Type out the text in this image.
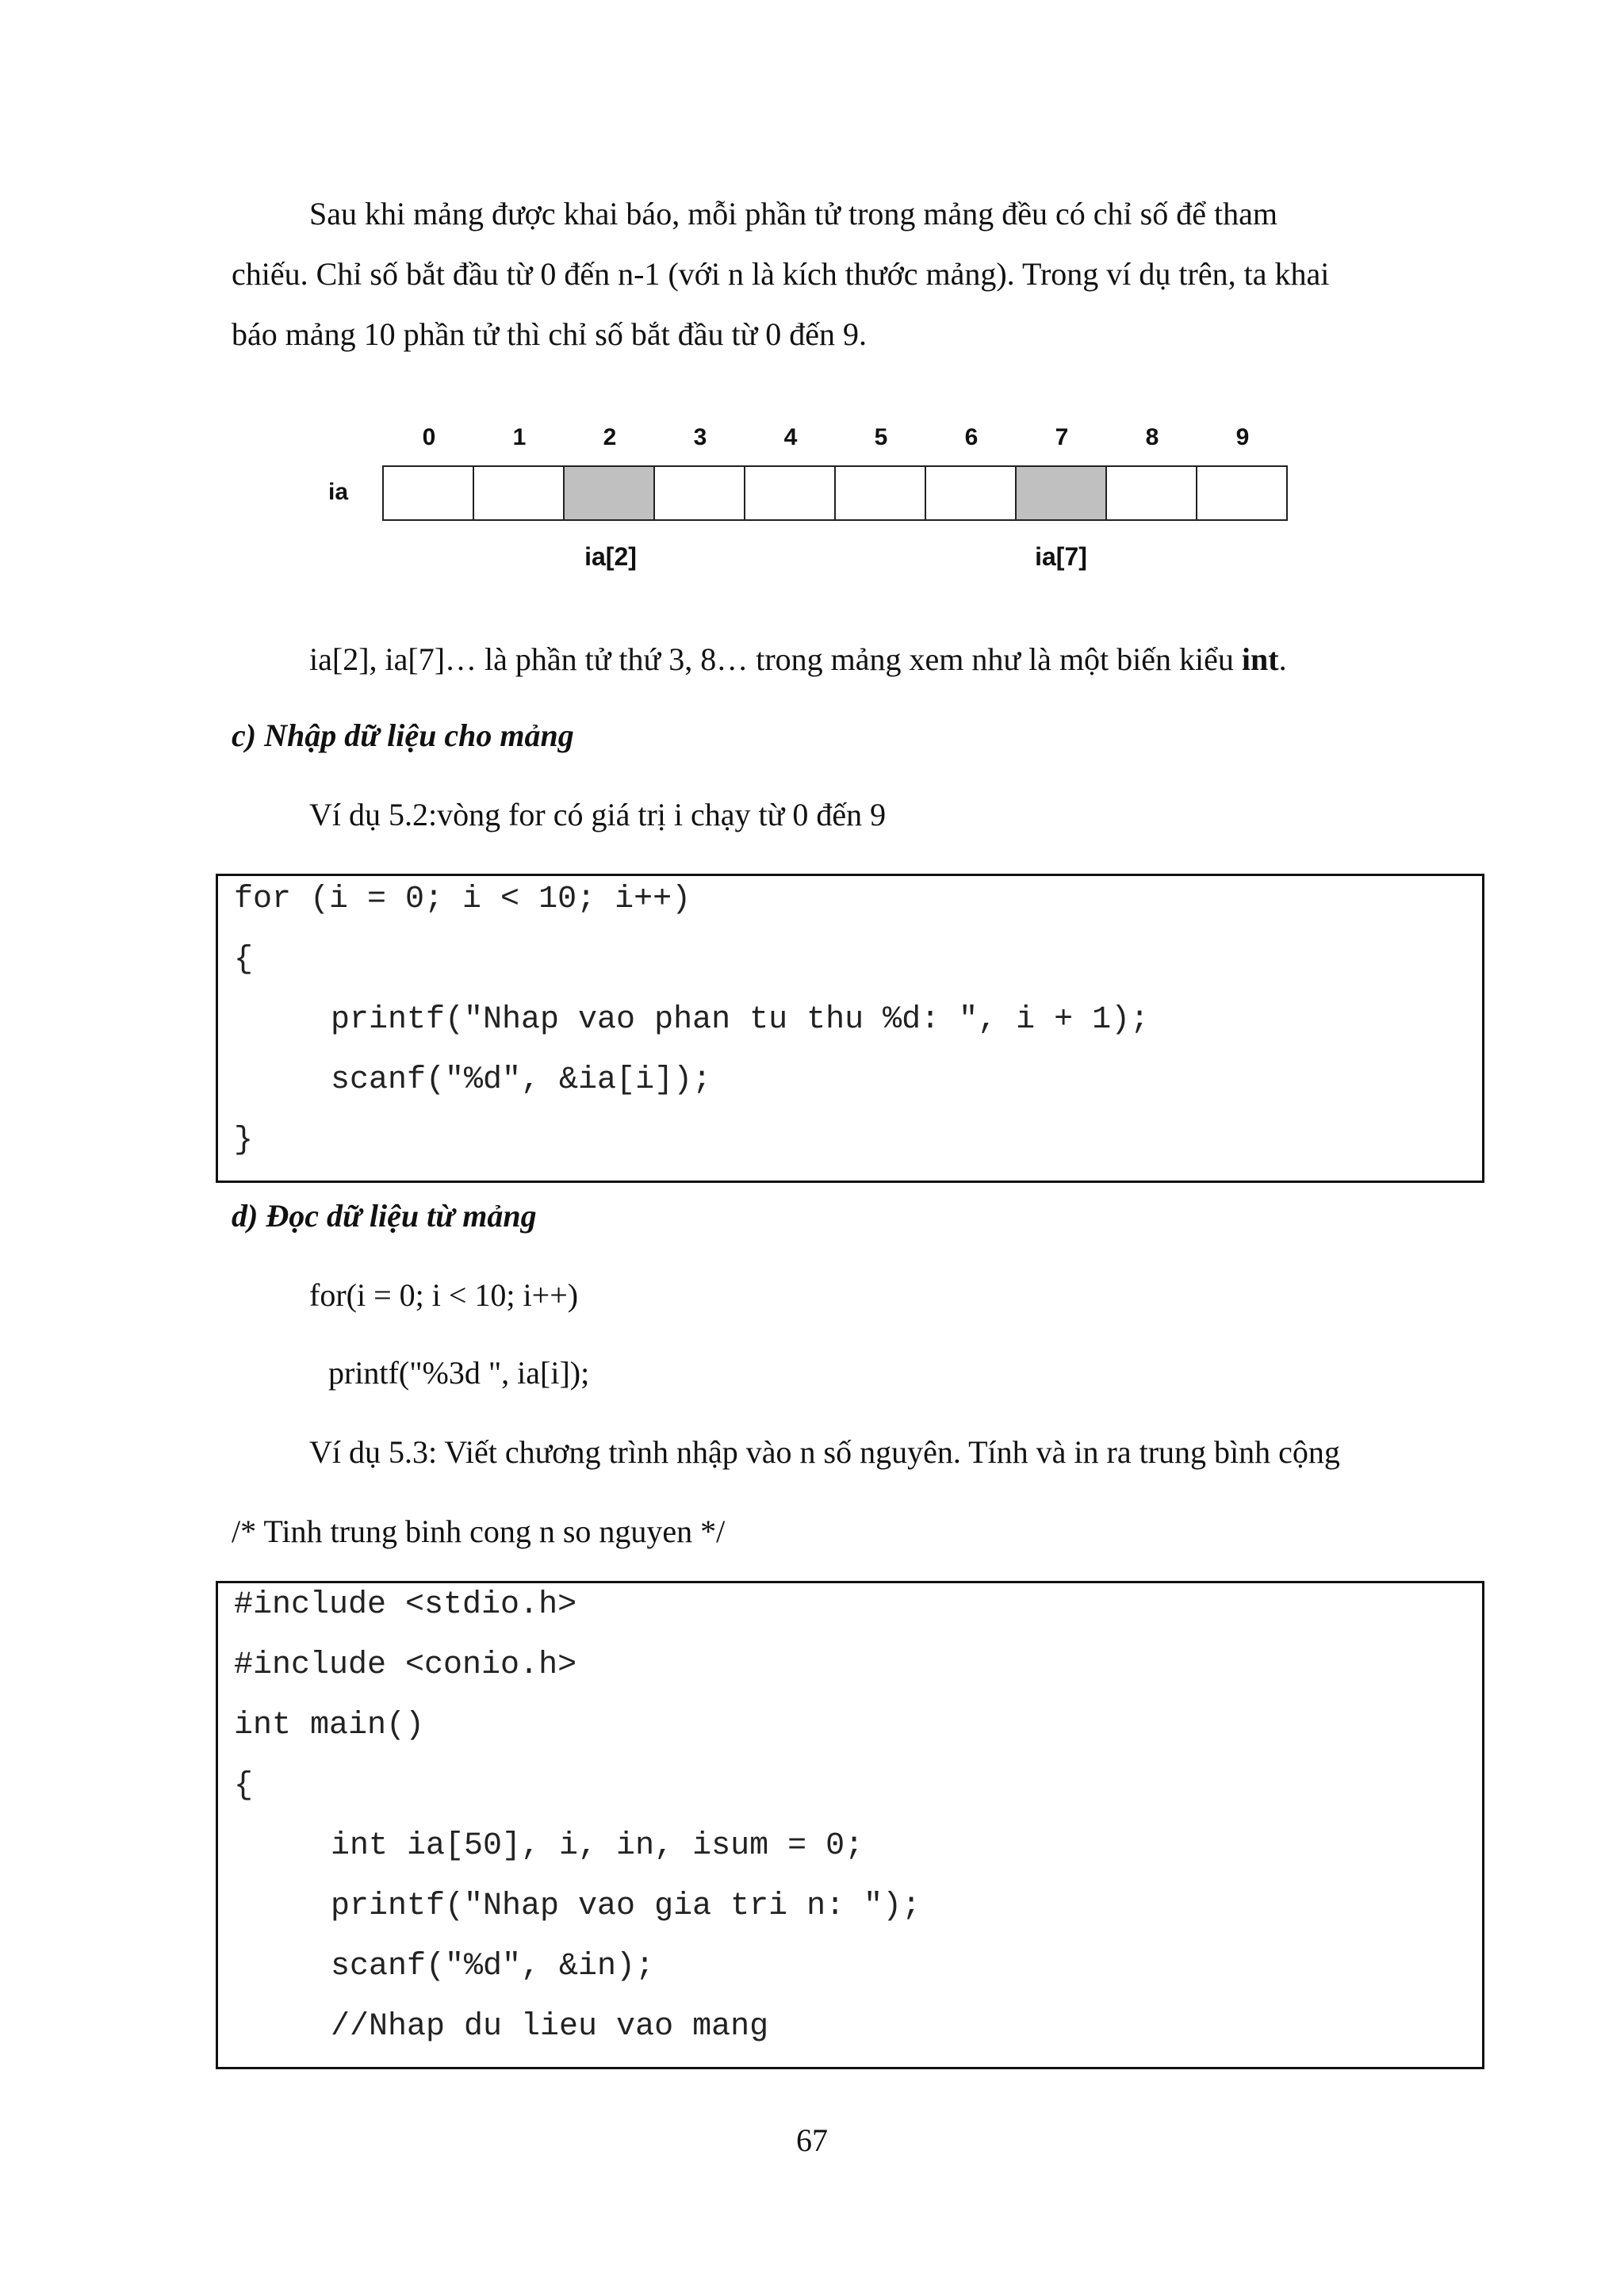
Sau khi mảng được khai báo, mỗi phần tử trong mảng đều có chỉ số để tham

chiếu. Chỉ số bắt đầu từ 0 đến n-1 (với n là kích thước mảng). Trong ví dụ trên, ta khai

báo mảng 10 phần tử thì chỉ số bắt đầu từ 0 đến 9.

0	1	2	3	4	5	6	7	8	9
ia
ia[2]	ia[7]

ia[2], ia[7]… là phần tử thứ 3, 8… trong mảng xem như là một biến kiểu int.

c) Nhập dữ liệu cho mảng

Ví dụ 5.2:vòng for có giá trị i chạy từ 0 đến 9

for (i = 0; i < 10; i++)
{
printf("Nhap vao phan tu thu %d: ", i + 1);
scanf("%d", &ia[i]);
}

d) Đọc dữ liệu từ mảng

for(i = 0; i < 10; i++)

printf("%3d ", ia[i]);

Ví dụ 5.3: Viết chương trình nhập vào n số nguyên. Tính và in ra trung bình cộng

/* Tinh trung binh cong n so nguyen */

#include <stdio.h>
#include <conio.h>
int main()
{
int ia[50], i, in, isum = 0;
printf("Nhap vao gia tri n: ");
scanf("%d", &in);
//Nhap du lieu vao mang
67
